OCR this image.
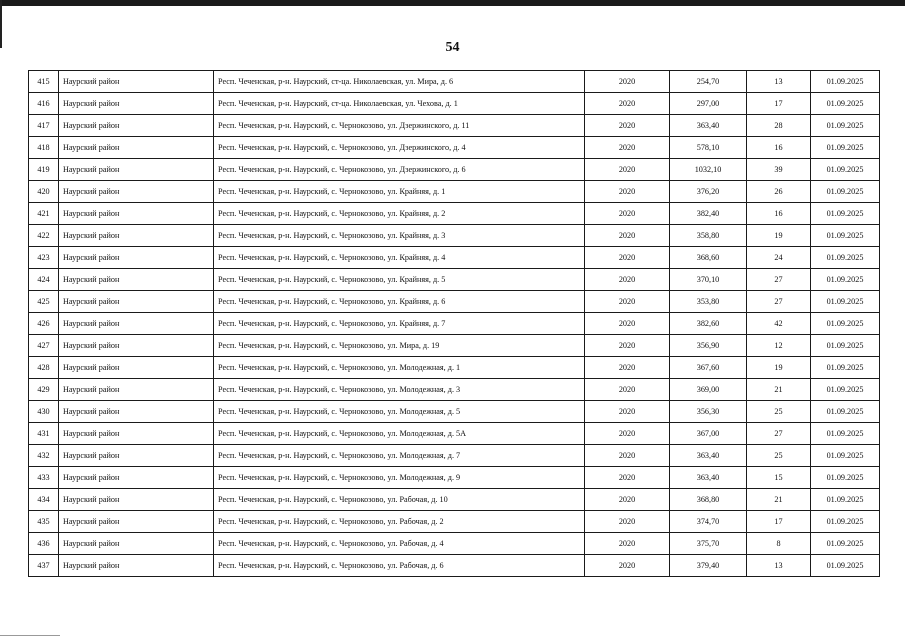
54
415	Наурский район	Респ. Чеченская, р-н. Наурский, ст-ца. Николаевская, ул. Мира, д. 6	2020	254,70	13	01.09.2025
416	Наурский район	Респ. Чеченская, р-н. Наурский, ст-ца. Николаевская, ул. Чехова, д. 1	2020	297,00	17	01.09.2025
417	Наурский район	Респ. Чеченская, р-н. Наурский, с. Чернокозово, ул. Дзержинского, д. 11	2020	363,40	28	01.09.2025
418	Наурский район	Респ. Чеченская, р-н. Наурский, с. Чернокозово, ул. Дзержинского, д. 4	2020	578,10	16	01.09.2025
419	Наурский район	Респ. Чеченская, р-н. Наурский, с. Чернокозово, ул. Дзержинского, д. 6	2020	1032,10	39	01.09.2025
420	Наурский район	Респ. Чеченская, р-н. Наурский, с. Чернокозово, ул. Крайняя, д. 1	2020	376,20	26	01.09.2025
421	Наурский район	Респ. Чеченская, р-н. Наурский, с. Чернокозово, ул. Крайняя, д. 2	2020	382,40	16	01.09.2025
422	Наурский район	Респ. Чеченская, р-н. Наурский, с. Чернокозово, ул. Крайняя, д. 3	2020	358,80	19	01.09.2025
423	Наурский район	Респ. Чеченская, р-н. Наурский, с. Чернокозово, ул. Крайняя, д. 4	2020	368,60	24	01.09.2025
424	Наурский район	Респ. Чеченская, р-н. Наурский, с. Чернокозово, ул. Крайняя, д. 5	2020	370,10	27	01.09.2025
425	Наурский район	Респ. Чеченская, р-н. Наурский, с. Чернокозово, ул. Крайняя, д. 6	2020	353,80	27	01.09.2025
426	Наурский район	Респ. Чеченская, р-н. Наурский, с. Чернокозово, ул. Крайняя, д. 7	2020	382,60	42	01.09.2025
427	Наурский район	Респ. Чеченская, р-н. Наурский, с. Чернокозово, ул. Мира, д. 19	2020	356,90	12	01.09.2025
428	Наурский район	Респ. Чеченская, р-н. Наурский, с. Чернокозово, ул. Молодежная, д. 1	2020	367,60	19	01.09.2025
429	Наурский район	Респ. Чеченская, р-н. Наурский, с. Чернокозово, ул. Молодежная, д. 3	2020	369,00	21	01.09.2025
430	Наурский район	Респ. Чеченская, р-н. Наурский, с. Чернокозово, ул. Молодежная, д. 5	2020	356,30	25	01.09.2025
431	Наурский район	Респ. Чеченская, р-н. Наурский, с. Чернокозово, ул. Молодежная, д. 5А	2020	367,00	27	01.09.2025
432	Наурский район	Респ. Чеченская, р-н. Наурский, с. Чернокозово, ул. Молодежная, д. 7	2020	363,40	25	01.09.2025
433	Наурский район	Респ. Чеченская, р-н. Наурский, с. Чернокозово, ул. Молодежная, д. 9	2020	363,40	15	01.09.2025
434	Наурский район	Респ. Чеченская, р-н. Наурский, с. Чернокозово, ул. Рабочая, д. 10	2020	368,80	21	01.09.2025
435	Наурский район	Респ. Чеченская, р-н. Наурский, с. Чернокозово, ул. Рабочая, д. 2	2020	374,70	17	01.09.2025
436	Наурский район	Респ. Чеченская, р-н. Наурский, с. Чернокозово, ул. Рабочая, д. 4	2020	375,70	8	01.09.2025
437	Наурский район	Респ. Чеченская, р-н. Наурский, с. Чернокозово, ул. Рабочая, д. 6	2020	379,40	13	01.09.2025
